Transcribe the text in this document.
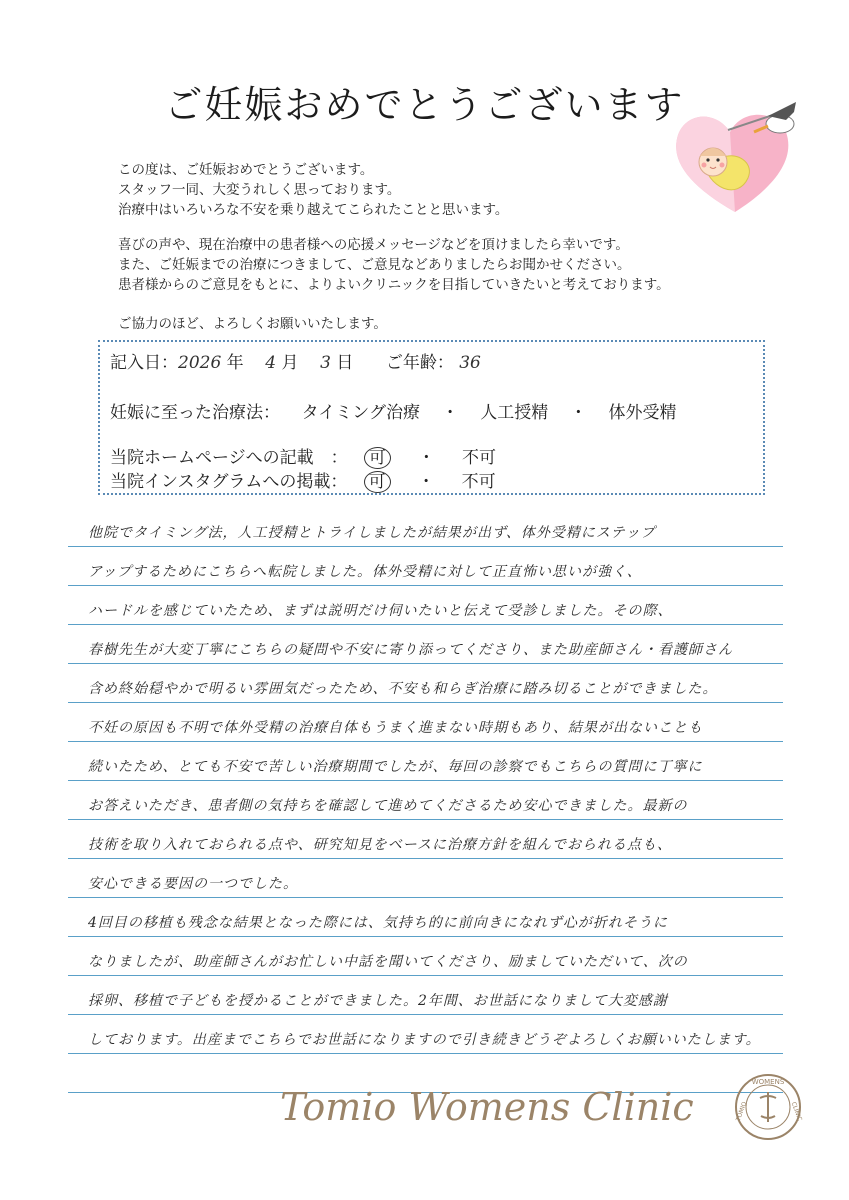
ご妊娠おめでとうございます

この度は、ご妊娠おめでとうございます。

スタッフ一同、大変うれしく思っております。

治療中はいろいろな不安を乗り越えてこられたことと思います。

喜びの声や、現在治療中の患者様への応援メッセージなどを頂けましたら幸いです。

また、ご妊娠までの治療につきまして、ご意見などありましたらお聞かせください。

患者様からのご意見をもとに、よりよいクリニックを目指していきたいと考えております。

ご協力のほど、よろしくお願いいたします。
記入日：2026 年 4 月 3 日 ご年齢： 36
妊娠に至った治療法： タイミング治療 ・ 人工授精 ・ 体外受精
当院ホームページへの記載　： 可 ・ 不可
当院インスタグラムへの掲載： 可 ・ 不可
他院でタイミング法，人工授精とトライしましたが結果が出ず、体外受精にステップ
アップするためにこちらへ転院しました。体外受精に対して正直怖い思いが強く、
ハードルを感じていたため、まずは説明だけ伺いたいと伝えて受診しました。その際、
春樹先生が大変丁寧にこちらの疑問や不安に寄り添ってくださり、また助産師さん・看護師さん
含め終始穏やかで明るい雰囲気だったため、不安も和らぎ治療に踏み切ることができました。
不妊の原因も不明で体外受精の治療自体もうまく進まない時期もあり、結果が出ないことも
続いたため、とても不安で苦しい治療期間でしたが、毎回の診察でもこちらの質問に丁寧に
お答えいただき、患者側の気持ちを確認して進めてくださるため安心できました。最新の
技術を取り入れておられる点や、研究知見をベースに治療方針を組んでおられる点も、
安心できる要因の一つでした。
4回目の移植も残念な結果となった際には、気持ち的に前向きになれず心が折れそうに
なりましたが、助産師さんがお忙しい中話を聞いてくださり、励ましていただいて、次の
採卵、移植で子どもを授かることができました。2年間、お世話になりまして大変感謝
しております。出産までこちらでお世話になりますので引き続きどうぞよろしくお願いいたします。
Tomio Womens Clinic
WOMENS
CLINIC
TOMIO
